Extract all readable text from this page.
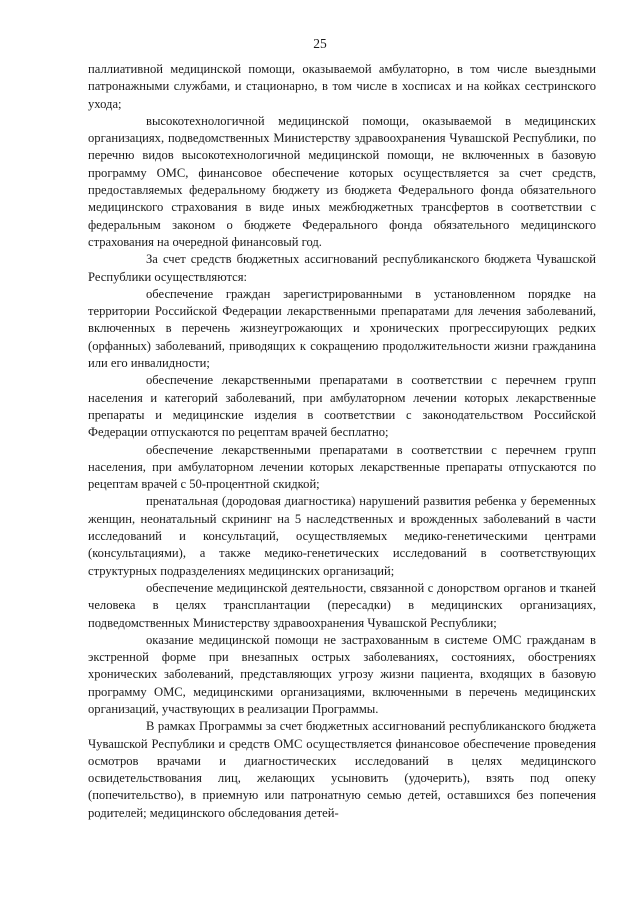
25

паллиативной медицинской помощи, оказываемой амбулаторно, в том числе выездными патронажными службами, и стационарно, в том числе в хосписах и на койках сестринского ухода;

высокотехнологичной медицинской помощи, оказываемой в медицинских организациях, подведомственных Министерству здравоохранения Чувашской Республики, по перечню видов высокотехнологичной медицинской помощи, не включенных в базовую программу ОМС, финансовое обеспечение которых осуществляется за счет средств, предоставляемых федеральному бюджету из бюджета Федерального фонда обязательного медицинского страхования в виде иных межбюджетных трансфертов в соответствии с федеральным законом о бюджете Федерального фонда обязательного медицинского страхования на очередной финансовый год.

За счет средств бюджетных ассигнований республиканского бюджета Чувашской Республики осуществляются:

обеспечение граждан зарегистрированными в установленном порядке на территории Российской Федерации лекарственными препаратами для лечения заболеваний, включенных в перечень жизнеугрожающих и хронических прогрессирующих редких (орфанных) заболеваний, приводящих к сокращению продолжительности жизни гражданина или его инвалидности;

обеспечение лекарственными препаратами в соответствии с перечнем групп населения и категорий заболеваний, при амбулаторном лечении которых лекарственные препараты и медицинские изделия в соответствии с законодательством Российской Федерации отпускаются по рецептам врачей бесплатно;

обеспечение лекарственными препаратами в соответствии с перечнем групп населения, при амбулаторном лечении которых лекарственные препараты отпускаются по рецептам врачей с 50-процентной скидкой;

пренатальная (дородовая диагностика) нарушений развития ребенка у беременных женщин, неонатальный скрининг на 5 наследственных и врожденных заболеваний в части исследований и консультаций, осуществляемых медико-генетическими центрами (консультациями), а также медико-генетических исследований в соответствующих структурных подразделениях медицинских организаций;

обеспечение медицинской деятельности, связанной с донорством органов и тканей человека в целях трансплантации (пересадки) в медицинских организациях, подведомственных Министерству здравоохранения Чувашской Республики;

оказание медицинской помощи не застрахованным в системе ОМС гражданам в экстренной форме при внезапных острых заболеваниях, состояниях, обострениях хронических заболеваний, представляющих угрозу жизни пациента, входящих в базовую программу ОМС, медицинскими организациями, включенными в перечень медицинских организаций, участвующих в реализации Программы.

В рамках Программы за счет бюджетных ассигнований республиканского бюджета Чувашской Республики и средств ОМС осуществляется финансовое обеспечение проведения осмотров врачами и диагностических исследований в целях медицинского освидетельствования лиц, желающих усыновить (удочерить), взять под опеку (попечительство), в приемную или патронатную семью детей, оставшихся без попечения родителей; медицинского обследования детей-
